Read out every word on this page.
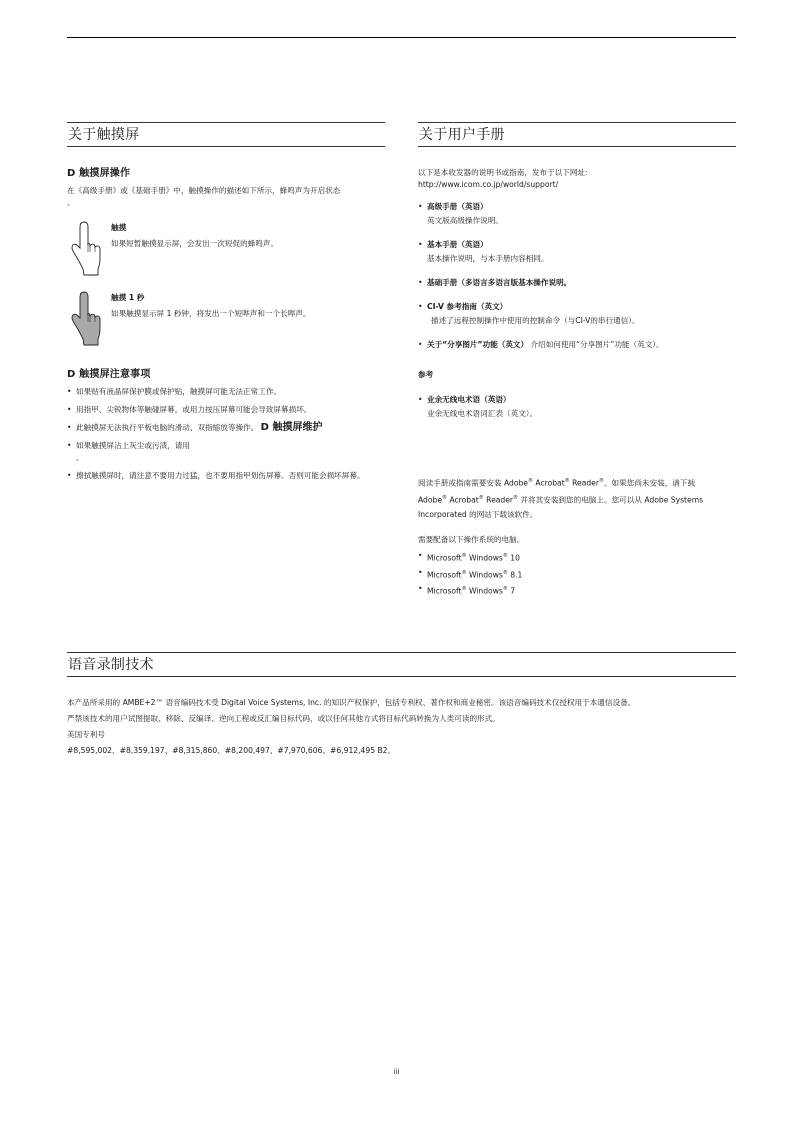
关于触摸屏
D 触摸屏操作

在《高级手册》或《基础手册》中，触摸操作的描述如下所示，蜂鸣声为开启状态
。

触摸
如果短暂触摸显示屏，会发出一次短促的蜂鸣声。
触摸 1 秒
如果触摸显示屏 1 秒钟，将发出一个短哔声和一个长哔声。
D 触摸屏注意事项
• 如果贴有液晶屏保护膜或保护贴，触摸屏可能无法正常工作。
• 用指甲、尖锐物体等触碰屏幕，或用力按压屏幕可能会导致屏幕损坏。
• 此触摸屏无法执行平板电脑的滑动、双指缩放等操作。 D 触摸屏维护
• 如果触摸屏沾上灰尘或污渍，请用
。
• 擦拭触摸屏时，请注意不要用力过猛，也不要用指甲划伤屏幕。否则可能会损坏屏幕。
关于用户手册

以下是本收发器的说明书或指南，发布于以下网址：

http://www.icom.co.jp/world/support/
• 高级手册（英语）
英文版高级操作说明。
• 基本手册（英语）
基本操作说明，与本手册内容相同。
• 基础手册（多语言多语言版基本操作说明。
• CI-V 参考指南（英文）
描述了远程控制操作中使用的控制命令（与CI-V的串行通信）。
• 关于“分享图片”功能（英文） 介绍如何使用“分享图片”功能（英文）。
参考
• 业余无线电术语（英语）
业余无线电术语词汇表（英文）。
阅读手册或指南需要安装 Adobe® Acrobat® Reader®。如果您尚未安装，请下载
Adobe® Acrobat® Reader® 并将其安装到您的电脑上。您可以从 Adobe Systems
Incorporated 的网站下载该软件。
需要配备以下操作系统的电脑。
• Microsoft® Windows® 10
• Microsoft® Windows® 8.1
• Microsoft® Windows® 7
语音录制技术
本产品所采用的 AMBE+2™ 语音编码技术受 Digital Voice Systems, Inc. 的知识产权保护，包括专利权、著作权和商业秘密。该语音编码技术仅授权用于本通信设备。
严禁该技术的用户试图提取、移除、反编译、逆向工程或反汇编目标代码，或以任何其他方式将目标代码转换为人类可读的形式。
美国专利号
#8,595,002、#8,359,197、#8,315,860、#8,200,497、#7,970,606、#6,912,495 B2。
iii
